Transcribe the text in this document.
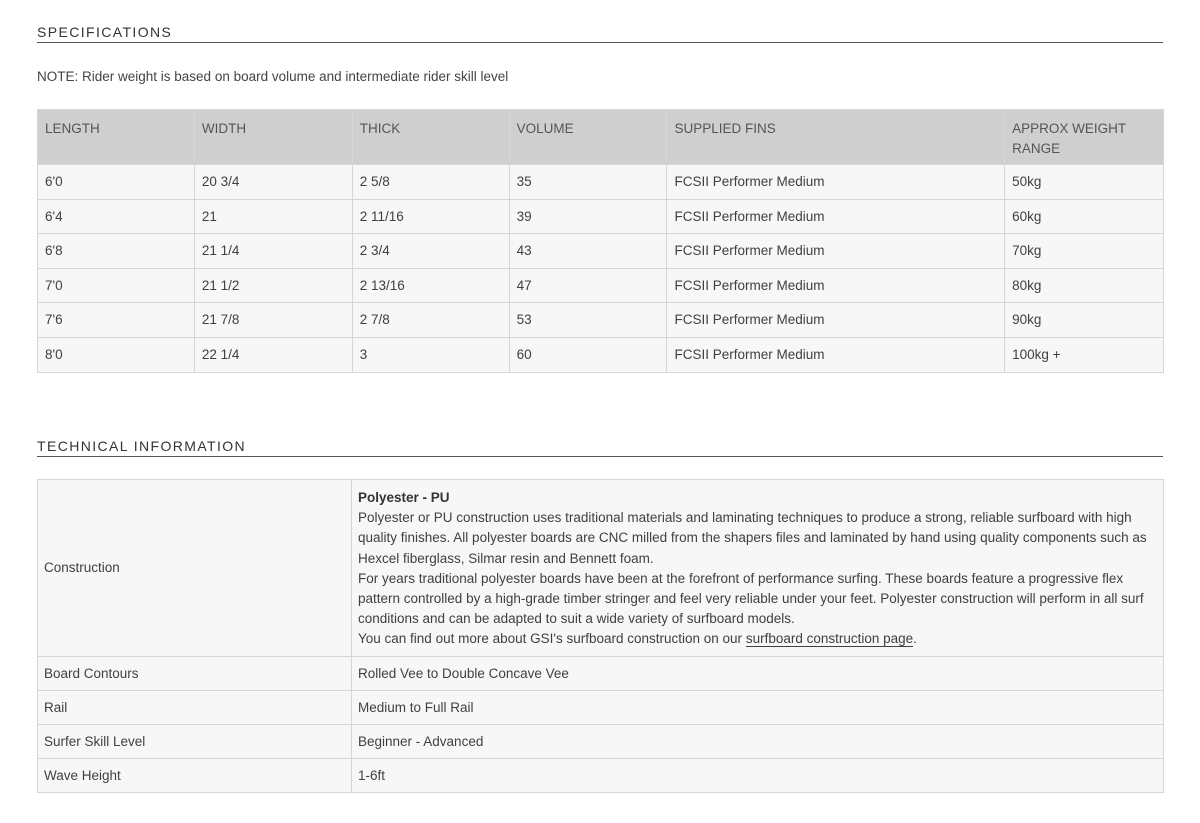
SPECIFICATIONS
NOTE: Rider weight is based on board volume and intermediate rider skill level
LENGTH	WIDTH	THICK	VOLUME	SUPPLIED FINS	APPROX WEIGHT RANGE
6'0	20 3/4	2 5/8	35	FCSII Performer Medium	50kg
6'4	21	2 11/16	39	FCSII Performer Medium	60kg
6'8	21 1/4	2 3/4	43	FCSII Performer Medium	70kg
7'0	21 1/2	2 13/16	47	FCSII Performer Medium	80kg
7'6	21 7/8	2 7/8	53	FCSII Performer Medium	90kg
8'0	22 1/4	3	60	FCSII Performer Medium	100kg +
TECHNICAL INFORMATION
Construction	Polyester - PU
Polyester or PU construction uses traditional materials and laminating techniques to produce a strong, reliable surfboard with high quality finishes. All polyester boards are CNC milled from the shapers files and laminated by hand using quality components such as Hexcel fiberglass, Silmar resin and Bennett foam.
For years traditional polyester boards have been at the forefront of performance surfing. These boards feature a progressive flex pattern controlled by a high-grade timber stringer and feel very reliable under your feet. Polyester construction will perform in all surf conditions and can be adapted to suit a wide variety of surfboard models.
You can find out more about GSI's surfboard construction on our surfboard construction page.

Board Contours	Rolled Vee to Double Concave Vee
Rail	Medium to Full Rail
Surfer Skill Level	Beginner - Advanced
Wave Height	1-6ft
